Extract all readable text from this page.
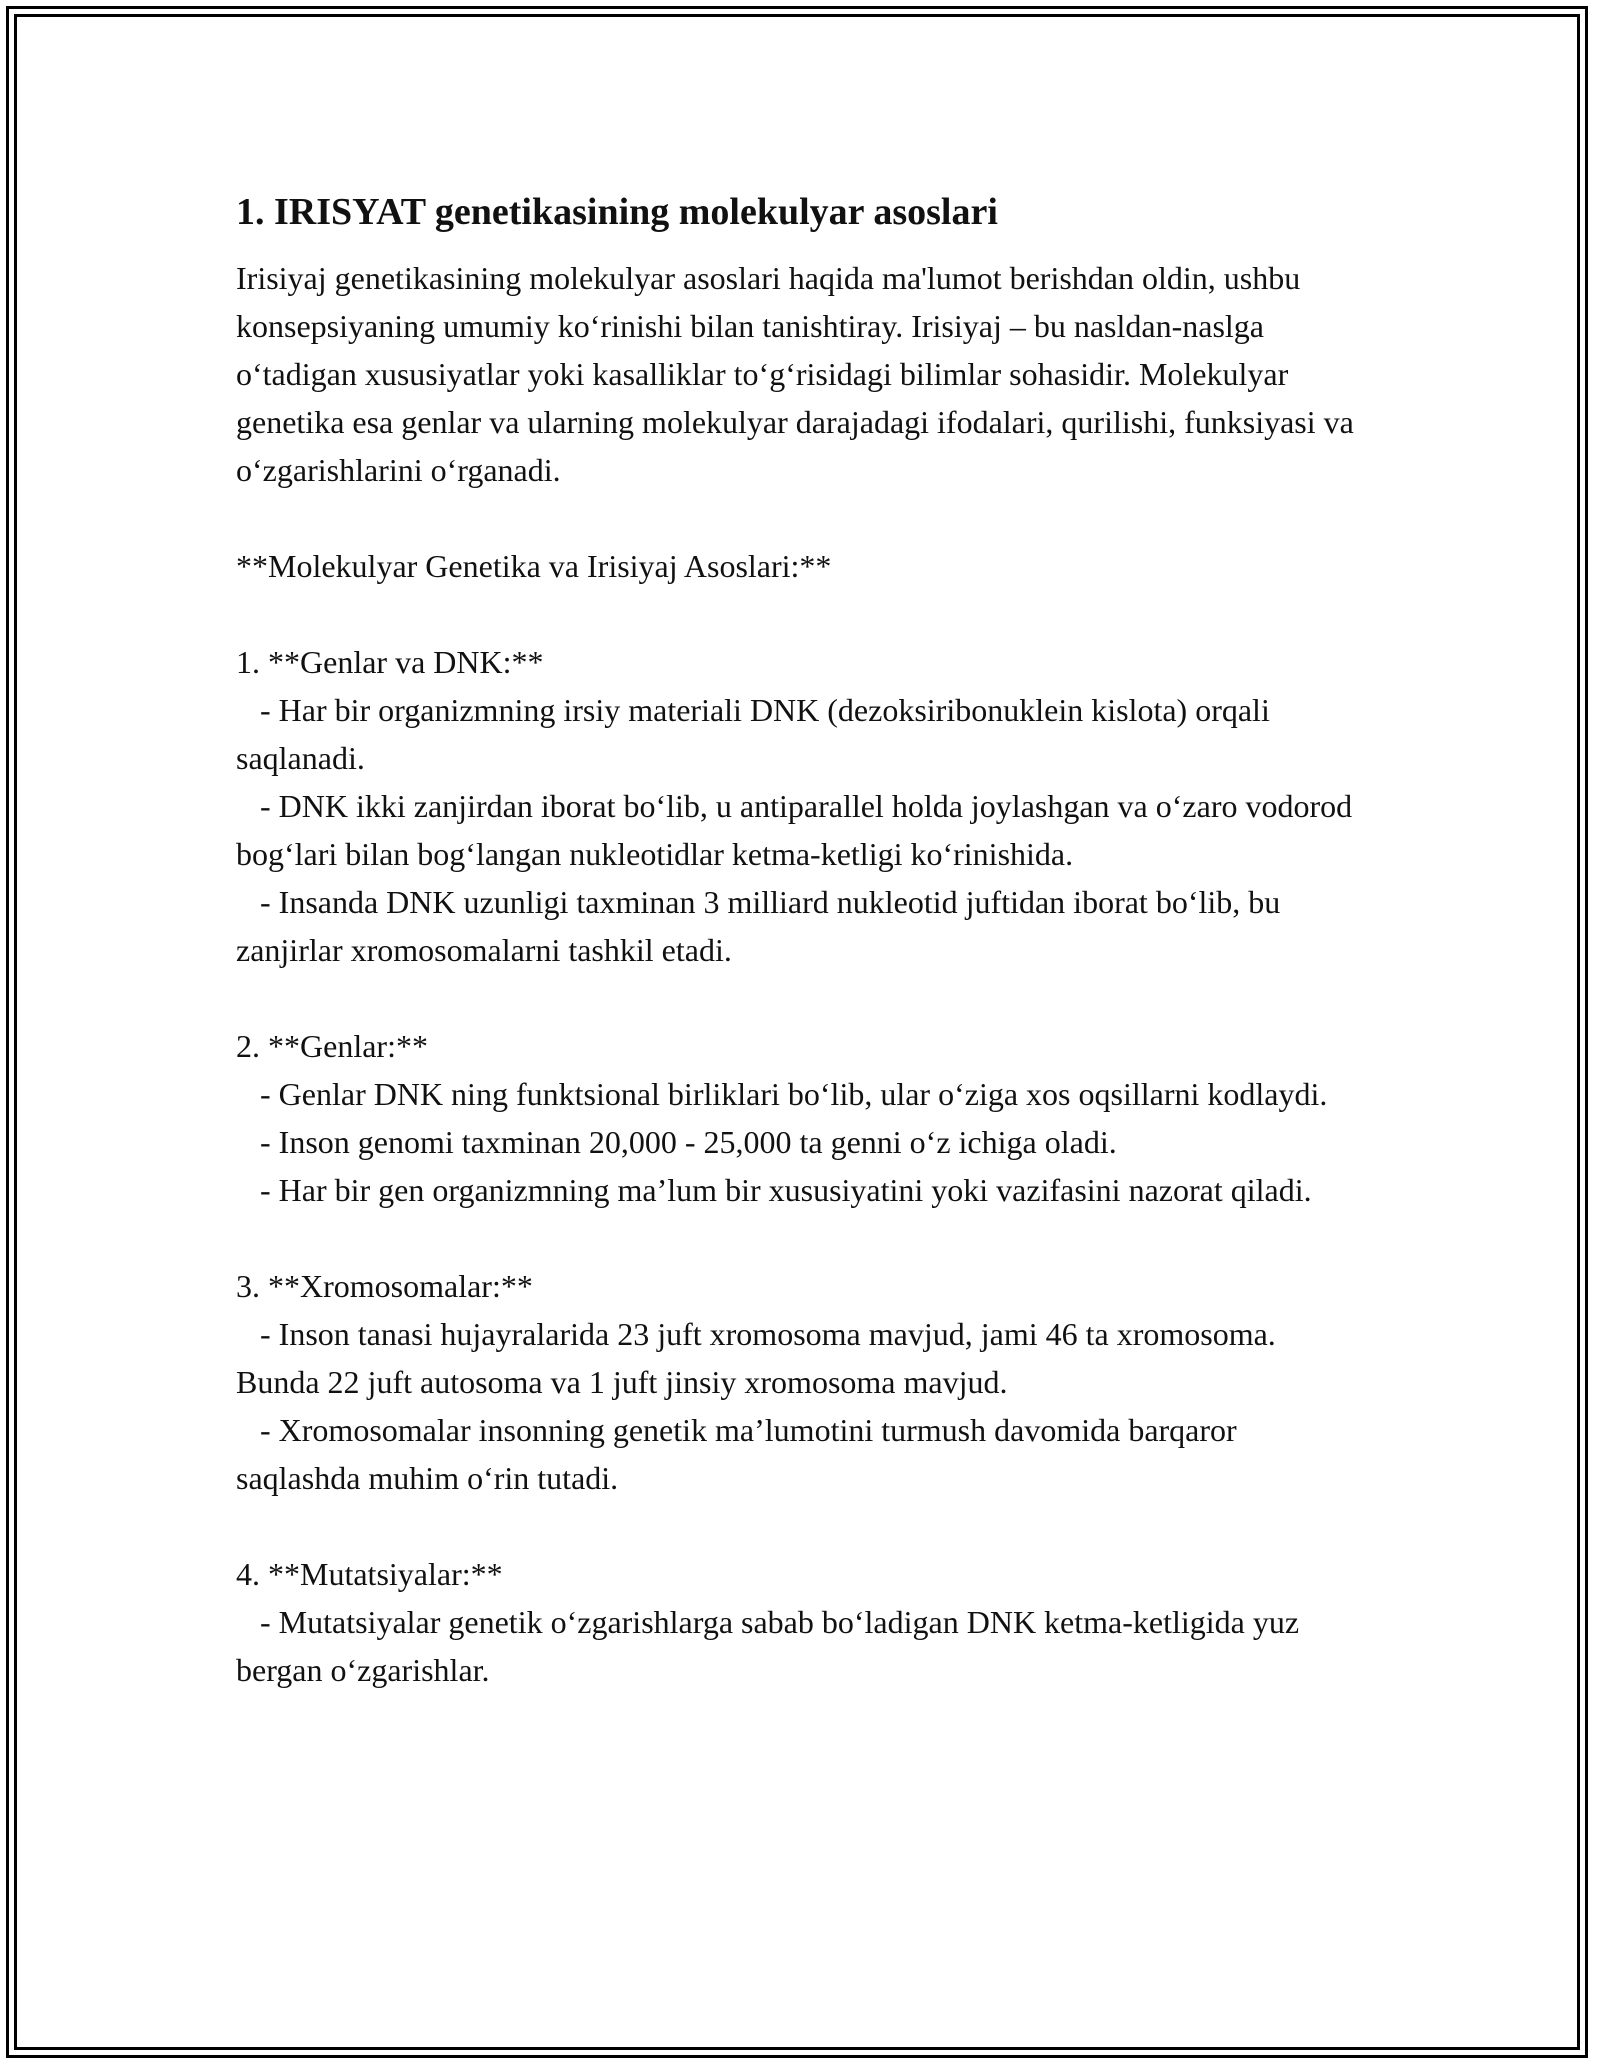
1. IRISYAT genetikasining molekulyar asoslari

Irisiyaj genetikasining molekulyar asoslari haqida ma'lumot berishdan oldin, ushbu konsepsiyaning umumiy koʻrinishi bilan tanishtiray. Irisiyaj – bu nasldan-naslga oʻtadigan xususiyatlar yoki kasalliklar toʻgʻrisidagi bilimlar sohasidir. Molekulyar genetika esa genlar va ularning molekulyar darajadagi ifodalari, qurilishi, funksiyasi va oʻzgarishlarini oʻrganadi.

**Molekulyar Genetika va Irisiyaj Asoslari:**

1. **Genlar va DNK:**

- Har bir organizmning irsiy materiali DNK (dezoksiribonuklein kislota) orqali saqlanadi.

- DNK ikki zanjirdan iborat boʻlib, u antiparallel holda joylashgan va oʻzaro vodorod bogʻlari bilan bogʻlangan nukleotidlar ketma-ketligi koʻrinishida.

- Insanda DNK uzunligi taxminan 3 milliard nukleotid juftidan iborat boʻlib, bu zanjirlar xromosomalarni tashkil etadi.

2. **Genlar:**

- Genlar DNK ning funktsional birliklari boʻlib, ular oʻziga xos oqsillarni kodlaydi.

- Inson genomi taxminan 20,000 - 25,000 ta genni oʻz ichiga oladi.

- Har bir gen organizmning maʼlum bir xususiyatini yoki vazifasini nazorat qiladi.

3. **Xromosomalar:**

- Inson tanasi hujayralarida 23 juft xromosoma mavjud, jami 46 ta xromosoma. Bunda 22 juft autosoma va 1 juft jinsiy xromosoma mavjud.

- Xromosomalar insonning genetik maʼlumotini turmush davomida barqaror saqlashda muhim oʻrin tutadi.

4. **Mutatsiyalar:**

- Mutatsiyalar genetik oʻzgarishlarga sabab boʻladigan DNK ketma-ketligida yuz bergan oʻzgarishlar.
